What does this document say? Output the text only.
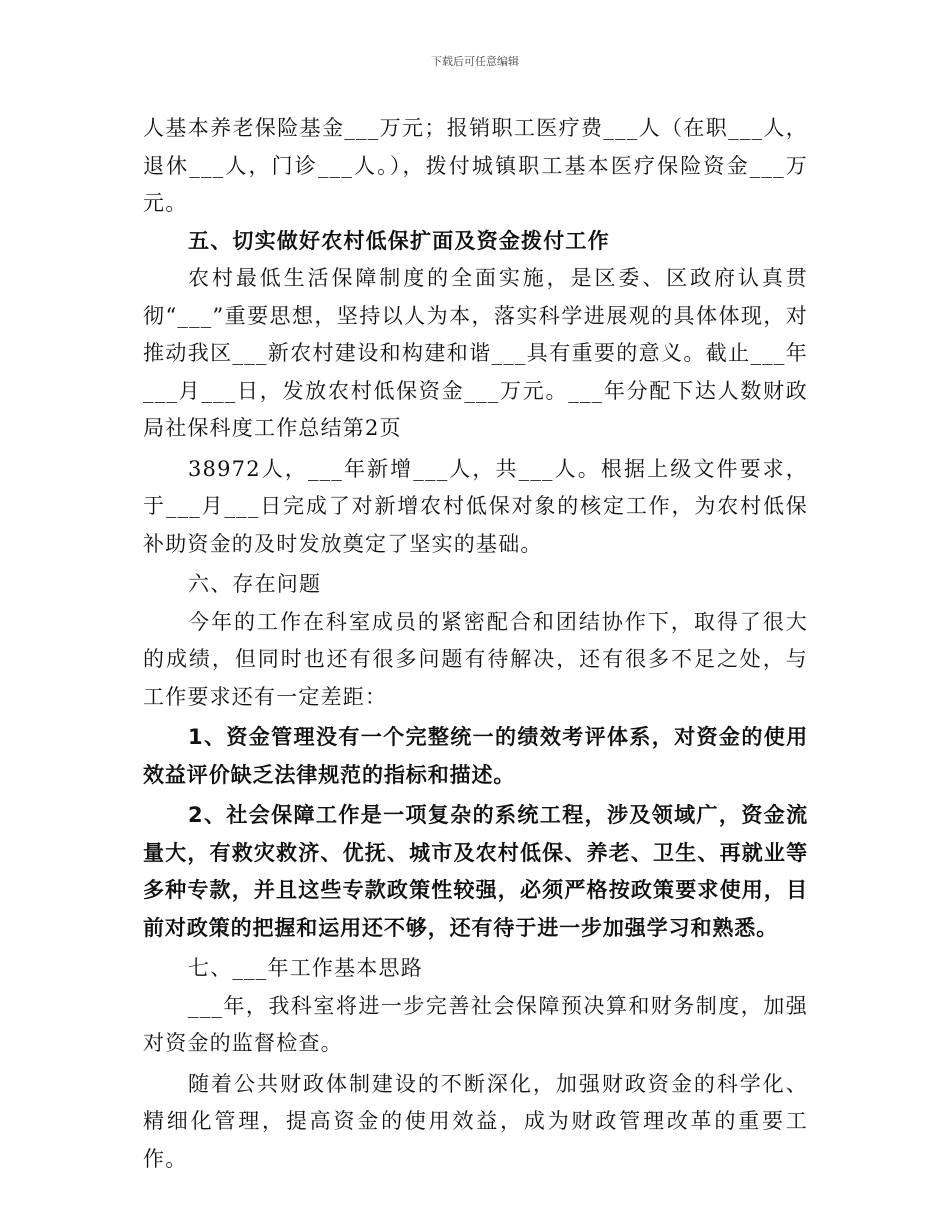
下载后可任意编辑

人基本养老保险基金___万元；报销职工医疗费___人（在职___人，退休___人，门诊___人。），拨付城镇职工基本医疗保险资金___万元。

五、切实做好农村低保扩面及资金拨付工作

农村最低生活保障制度的全面实施，是区委、区政府认真贯彻“___”重要思想，坚持以人为本，落实科学进展观的具体体现，对推动我区___新农村建设和构建和谐___具有重要的意义。截止___年___月___日，发放农村低保资金___万元。___年分配下达人数财政局社保科度工作总结第2页

38972人，___年新增___人，共___人。根据上级文件要求，于___月___日完成了对新增农村低保对象的核定工作，为农村低保补助资金的及时发放奠定了坚实的基础。

六、存在问题

今年的工作在科室成员的紧密配合和团结协作下，取得了很大的成绩，但同时也还有很多问题有待解决，还有很多不足之处，与工作要求还有一定差距：

1、资金管理没有一个完整统一的绩效考评体系，对资金的使用效益评价缺乏法律规范的指标和描述。

2、社会保障工作是一项复杂的系统工程，涉及领域广，资金流量大，有救灾救济、优抚、城市及农村低保、养老、卫生、再就业等多种专款，并且这些专款政策性较强，必须严格按政策要求使用，目前对政策的把握和运用还不够，还有待于进一步加强学习和熟悉。

七、___年工作基本思路

___年，我科室将进一步完善社会保障预决算和财务制度，加强对资金的监督检查。

随着公共财政体制建设的不断深化，加强财政资金的科学化、精细化管理，提高资金的使用效益，成为财政管理改革的重要工作。
